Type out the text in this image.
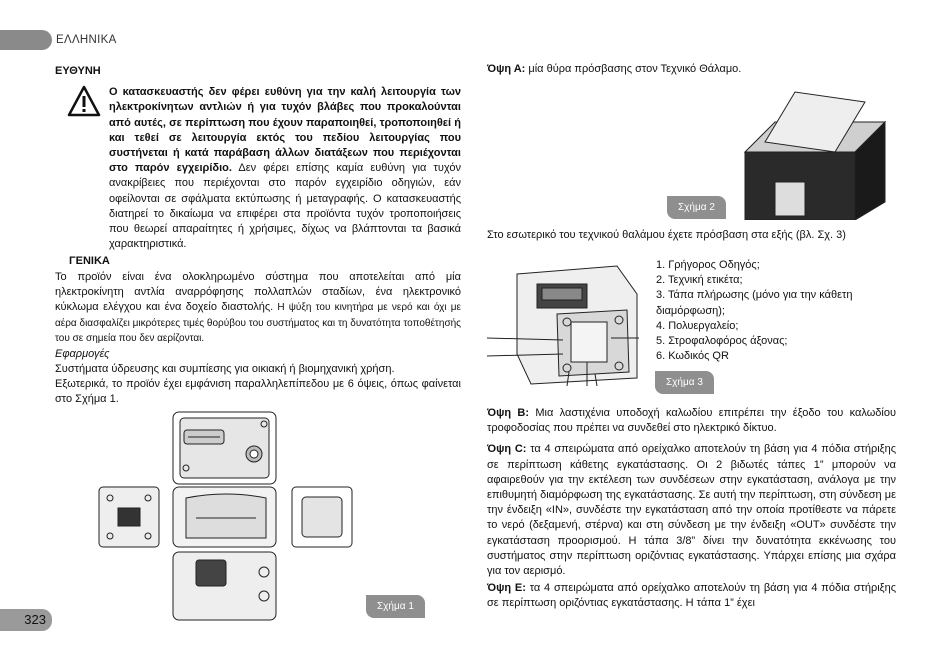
ΕΛΛΗΝΙΚΑ
ΕΥΘΥΝΗ
Ο κατασκευαστής δεν φέρει ευθύνη για την καλή λειτουργία των ηλεκτροκίνητων αντλιών ή για τυχόν βλάβες που προκαλούνται από αυτές, σε περίπτωση που έχουν παραποιηθεί, τροποποιηθεί ή και τεθεί σε λειτουργία εκτός του πεδίου λειτουργίας που συστήνεται ή κατά παράβαση άλλων διατάξεων που περιέχονται στο παρόν εγχειρίδιο. Δεν φέρει επίσης καμία ευθύνη για τυχόν ανακρίβειες που περιέχονται στο παρόν εγχειρίδιο οδηγιών, εάν οφείλονται σε σφάλματα εκτύπωσης ή μεταγραφής. Ο κατασκευαστής διατηρεί το δικαίωμα να επιφέρει στα προϊόντα τυχόν τροποποιήσεις που θεωρεί απαραίτητες ή χρήσιμες, δίχως να βλάπτονται τα βασικά χαρακτηριστικά.
ΓΕΝΙΚΑ

Το προϊόν είναι ένα ολοκληρωμένο σύστημα που αποτελείται από μία ηλεκτροκίνητη αντλία αναρρόφησης πολλαπλών σταδίων, ένα ηλεκτρονικό κύκλωμα ελέγχου και ένα δοχείο διαστολής. Η ψύξη του κινητήρα με νερό και όχι με αέρα διασφαλίζει μικρότερες τιμές θορύβου του συστήματος και τη δυνατότητα τοποθέτησής του σε σημεία που δεν αερίζονται.

Εφαρμογές

Συστήματα ύδρευσης και συμπίεσης για οικιακή ή βιομηχανική χρήση.

Εξωτερικά, το προϊόν έχει εμφάνιση παραλληλεπίπεδου με 6 όψεις, όπως φαίνεται στο Σχήμα 1.

Σχήμα 1

Όψη Α: μία θύρα πρόσβασης στον Τεχνικό Θάλαμο.

Σχήμα 2

Στο εσωτερικό του τεχνικού θαλάμου έχετε πρόσβαση στα εξής (βλ. Σχ. 3)

1. Γρήγορος Οδηγός;

2. Τεχνική ετικέτα;

3. Τάπα πλήρωσης (μόνο για την κάθετη διαμόρφωση);

4. Πολυεργαλείο;

5. Στροφαλοφόρος άξονας;

6. Κωδικός QR

Σχήμα 3

Όψη Β: Μια λαστιχένια υποδοχή καλωδίου επιτρέπει την έξοδο του καλωδίου τροφοδοσίας που πρέπει να συνδεθεί στο ηλεκτρικό δίκτυο.

Όψη C: τα 4 σπειρώματα από ορείχαλκο αποτελούν τη βάση για 4 πόδια στήριξης σε περίπτωση κάθετης εγκατάστασης. Οι 2 βιδωτές τάπες 1” μπορούν να αφαιρεθούν για την εκτέλεση των συνδέσεων στην εγκατάσταση, ανάλογα με την επιθυμητή διαμόρφωση της εγκατάστασης. Σε αυτή την περίπτωση, στη σύνδεση με την ένδειξη «IN», συνδέστε την εγκατάσταση από την οποία προτίθεστε να πάρετε το νερό (δεξαμενή, στέρνα) και στη σύνδεση με την ένδειξη «OUT» συνδέστε την εγκατάσταση προορισμού. Η τάπα 3/8” δίνει την δυνατότητα εκκένωσης του συστήματος στην περίπτωση οριζόντιας εγκατάστασης. Υπάρχει επίσης μια σχάρα για τον αερισμό.

Όψη E: τα 4 σπειρώματα από ορείχαλκο αποτελούν τη βάση για 4 πόδια στήριξης σε περίπτωση οριζόντιας εγκατάστασης. Η τάπα 1” έχει

323
